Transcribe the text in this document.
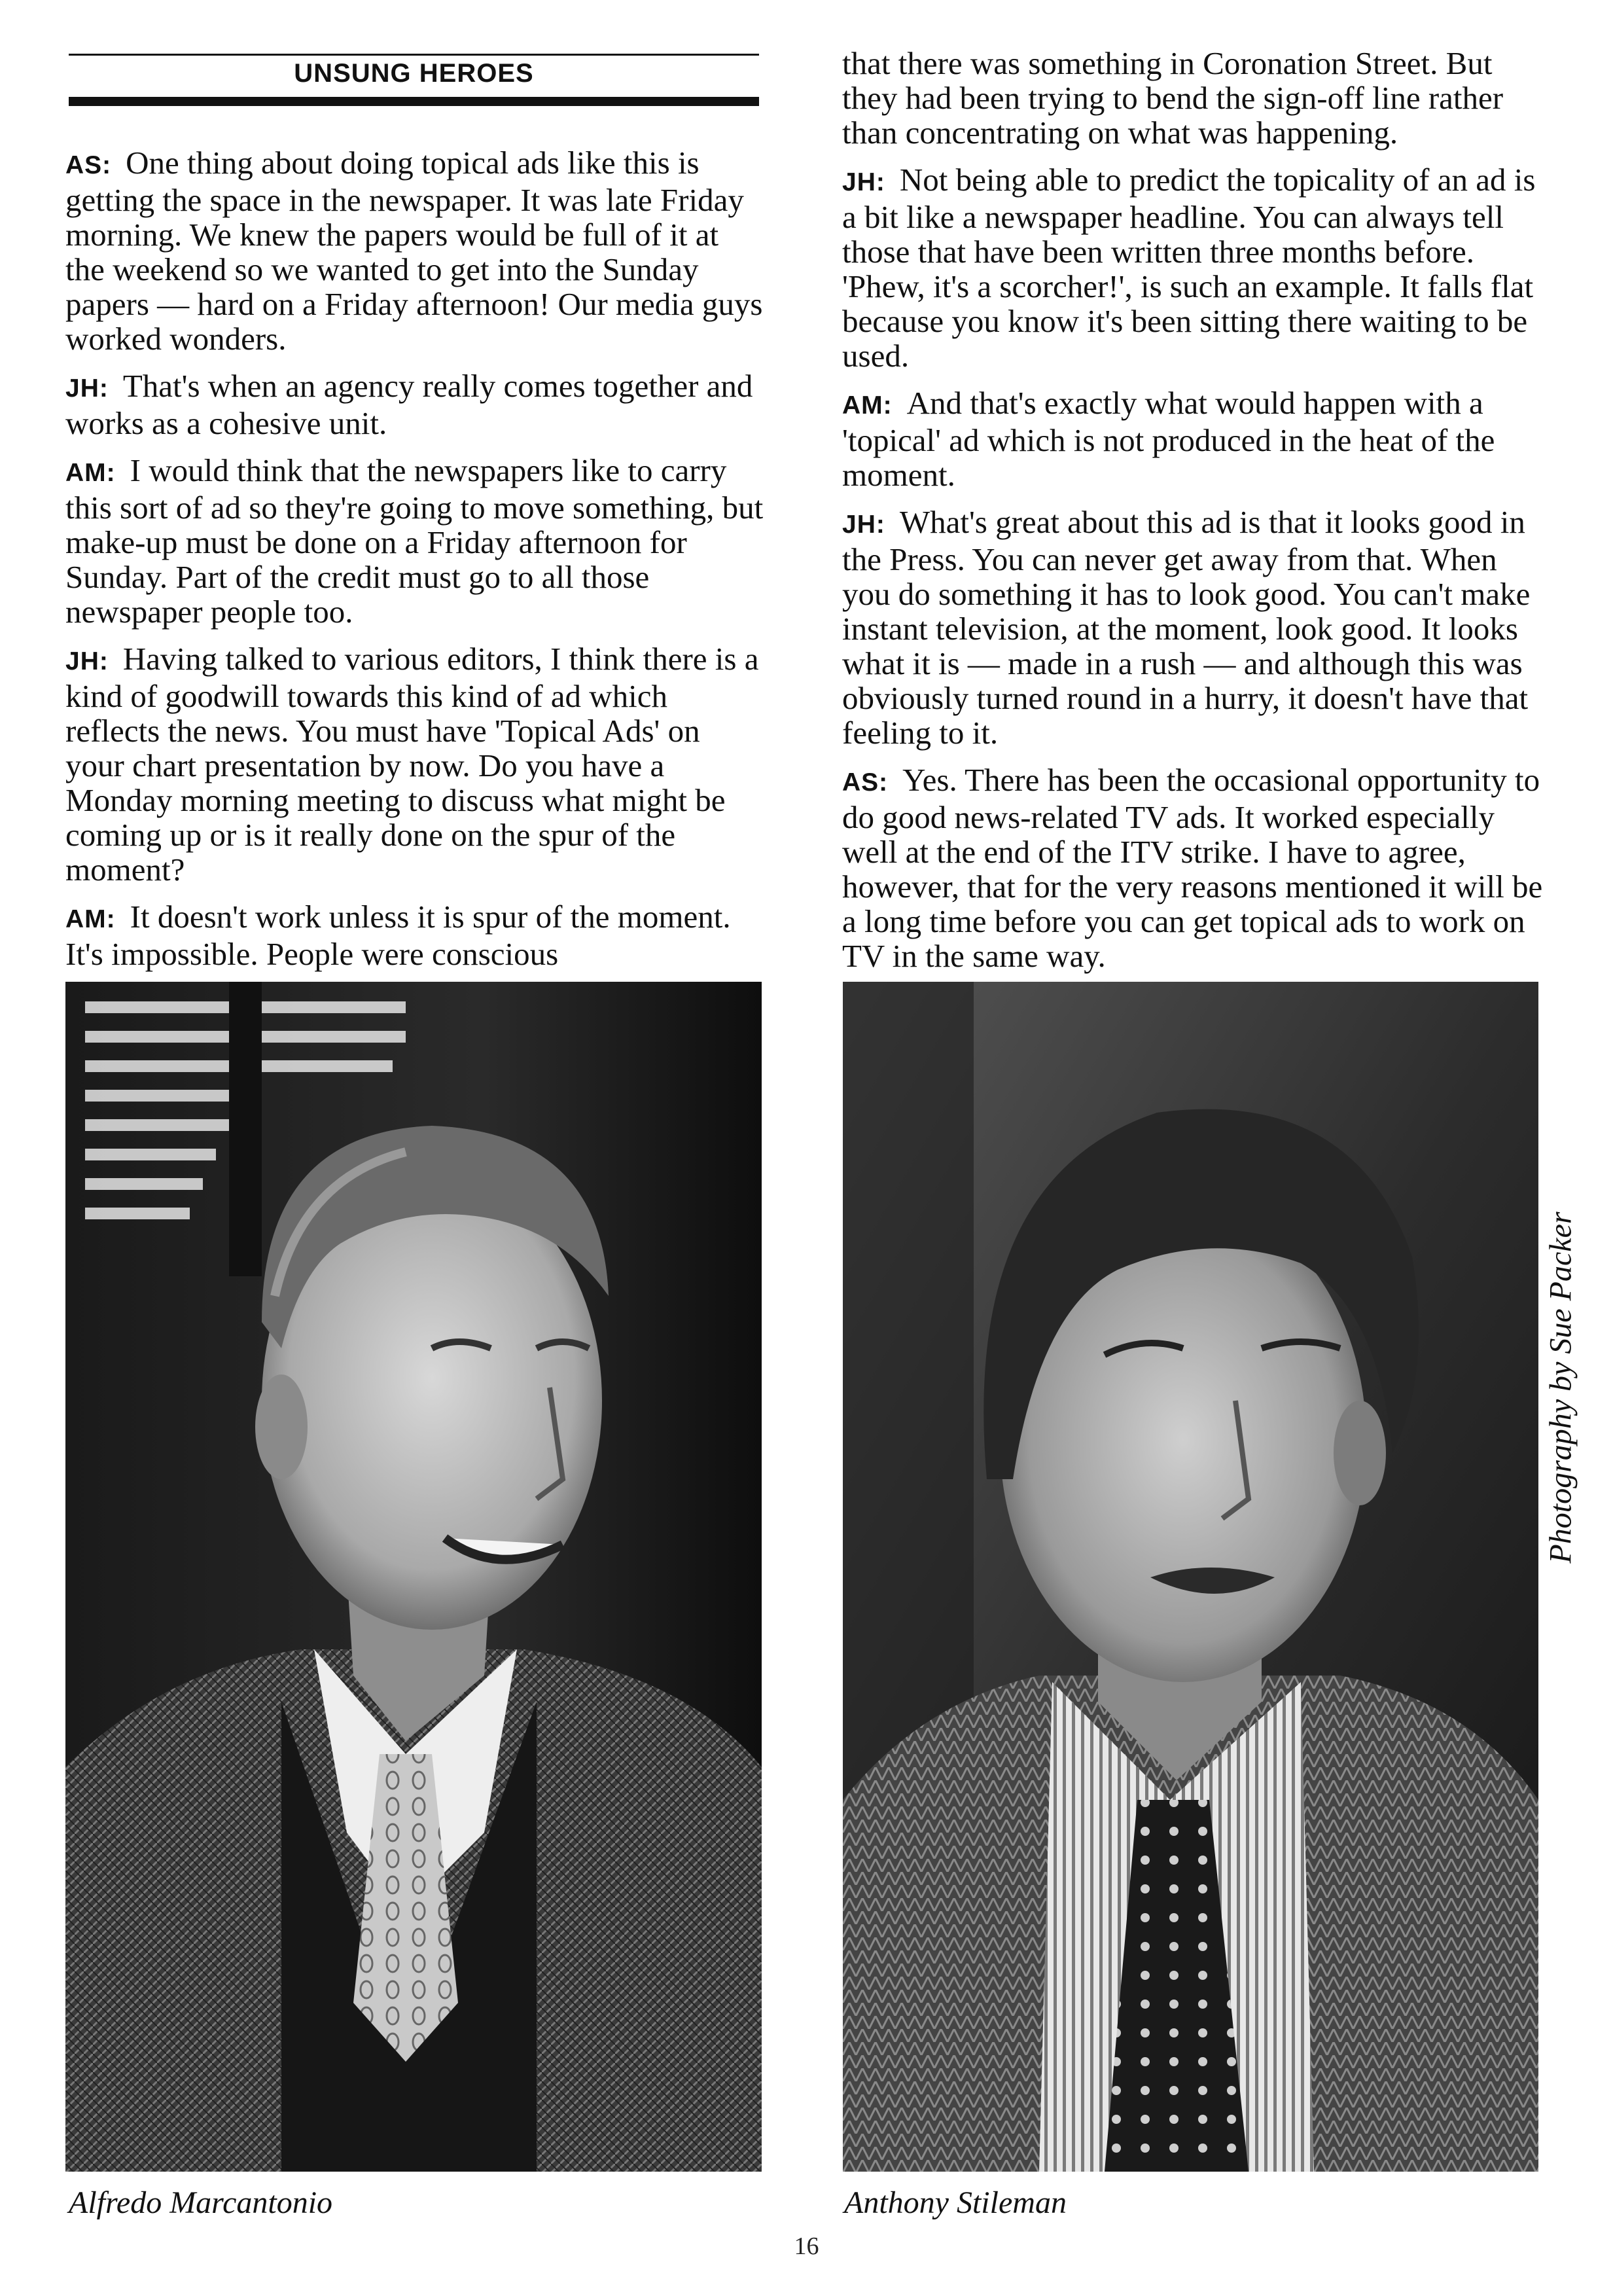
UNSUNG HEROES

AS: One thing about doing topical ads like this is getting the space in the newspaper. It was late Friday morning. We knew the papers would be full of it at the weekend so we wanted to get into the Sunday papers — hard on a Friday afternoon! Our media guys worked wonders.

JH: That's when an agency really comes together and works as a cohesive unit.

AM: I would think that the newspapers like to carry this sort of ad so they're going to move something, but make-up must be done on a Friday afternoon for Sunday. Part of the credit must go to all those newspaper people too.

JH: Having talked to various editors, I think there is a kind of goodwill towards this kind of ad which reflects the news. You must have 'Topical Ads' on your chart presentation by now. Do you have a Monday morning meeting to discuss what might be coming up or is it really done on the spur of the moment?

AM: It doesn't work unless it is spur of the moment. It's impossible. People were conscious

that there was something in Coronation Street. But they had been trying to bend the sign-off line rather than concentrating on what was happening.

JH: Not being able to predict the topicality of an ad is a bit like a newspaper headline. You can always tell those that have been written three months before. 'Phew, it's a scorcher!', is such an example. It falls flat because you know it's been sitting there waiting to be used.

AM: And that's exactly what would happen with a 'topical' ad which is not produced in the heat of the moment.

JH: What's great about this ad is that it looks good in the Press. You can never get away from that. When you do something it has to look good. You can't make instant television, at the moment, look good. It looks what it is — made in a rush — and although this was obviously turned round in a hurry, it doesn't have that feeling to it.

AS: Yes. There has been the occasional opportunity to do good news-related TV ads. It worked especially well at the end of the ITV strike. I have to agree, however, that for the very reasons mentioned it will be a long time before you can get topical ads to work on TV in the same way.

Alfredo Marcantonio	Anthony Stileman
Photography by Sue Packer
16
